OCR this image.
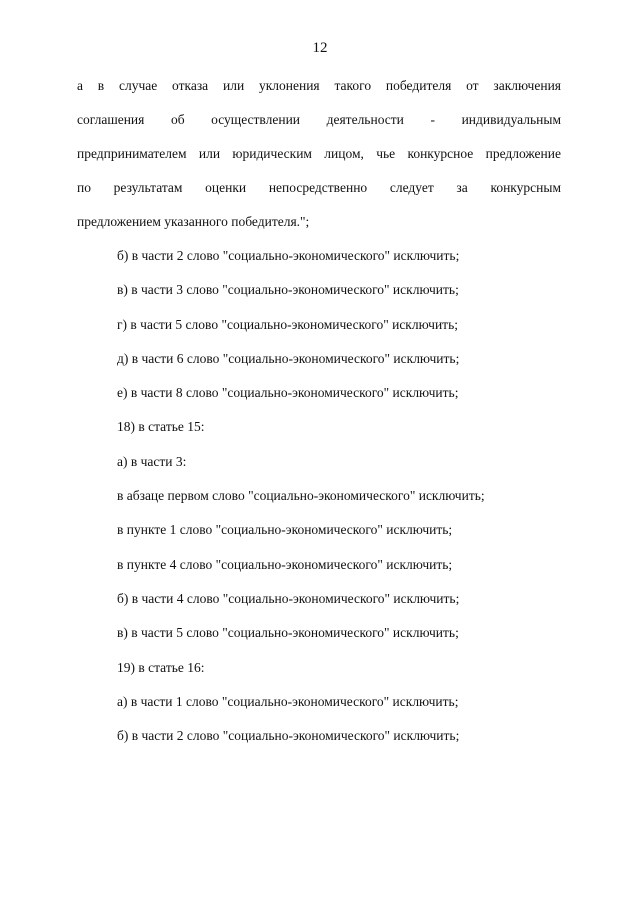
12
а в случае отказа или уклонения такого победителя от заключения
соглашения об осуществлении деятельности - индивидуальным
предпринимателем или юридическим лицом, чье конкурсное предложение
по результатам оценки непосредственно следует за конкурсным
предложением указанного победителя.";
б) в части 2 слово "социально-экономического" исключить;
в) в части 3 слово "социально-экономического" исключить;
г) в части 5 слово "социально-экономического" исключить;
д) в части 6 слово "социально-экономического" исключить;
е) в части 8 слово "социально-экономического" исключить;
18) в статье 15:
а) в части 3:
в абзаце первом слово "социально-экономического" исключить;
в пункте 1 слово "социально-экономического" исключить;
в пункте 4 слово "социально-экономического" исключить;
б) в части 4 слово "социально-экономического" исключить;
в) в части 5 слово "социально-экономического" исключить;
19) в статье 16:
а) в части 1 слово "социально-экономического" исключить;
б) в части 2 слово "социально-экономического" исключить;
